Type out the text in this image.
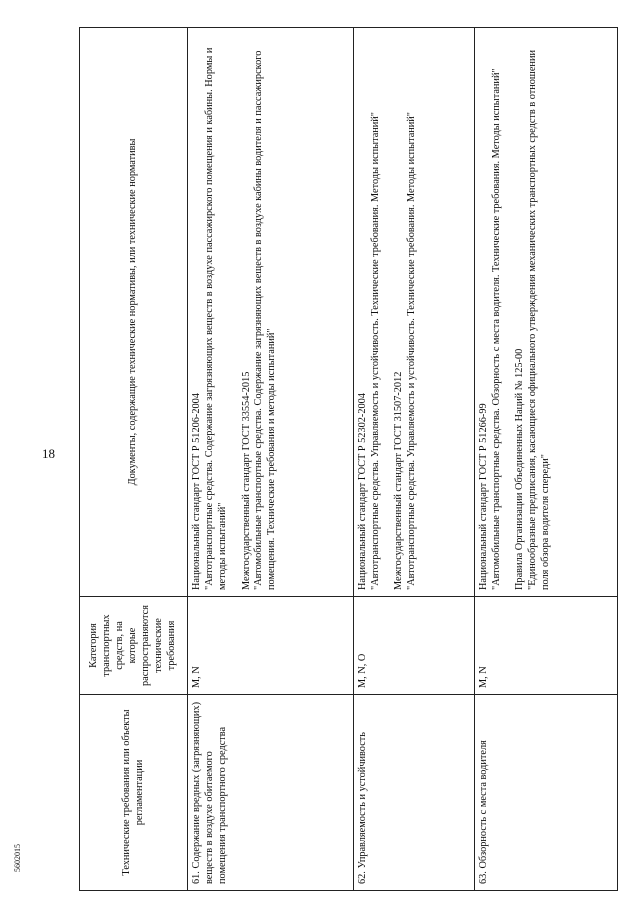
18
5602015	Технические требования или объекты регламентации	Категория транспортных средств, на которые распространяются технические требования	Документы, содержащие технические нормативы, или технические нормативы
61. Содержание вредных (загрязняющих) веществ в воздухе обитаемого помещения транспортного средства	M, N	Национальный стандарт ГОСТ Р 51206-2004 "Автотранспортные средства. Содержание загрязняющих веществ в воздухе пассажирского помещения и кабины. Нормы и методы испытаний" Межгосударственный стандарт ГОСТ 33554-2015 "Автомобильные транспортные средства. Содержание загрязняющих веществ в воздухе кабины водителя и пассажирского помещения. Технические требования и методы испытаний"

62. Управляемость и устойчивость	M, N, O	Национальный стандарт ГОСТ Р 52302-2004 "Автотранспортные средства. Управляемость и устойчивость. Технические требования. Методы испытаний" Межгосударственный стандарт ГОСТ 31507-2012 "Автотранспортные средства. Управляемость и устойчивость. Технические требования. Методы испытаний"

63. Обзорность с места водителя	M, N	Национальный стандарт ГОСТ Р 51266-99 "Автомобильные транспортные средства. Обзорность с места водителя. Технические требования. Методы испытаний" Правила Организации Объединенных Наций № 125-00 "Единообразные предписания, касающиеся официального утверждения механических транспортных средств в отношении поля обзора водителя спереди"
